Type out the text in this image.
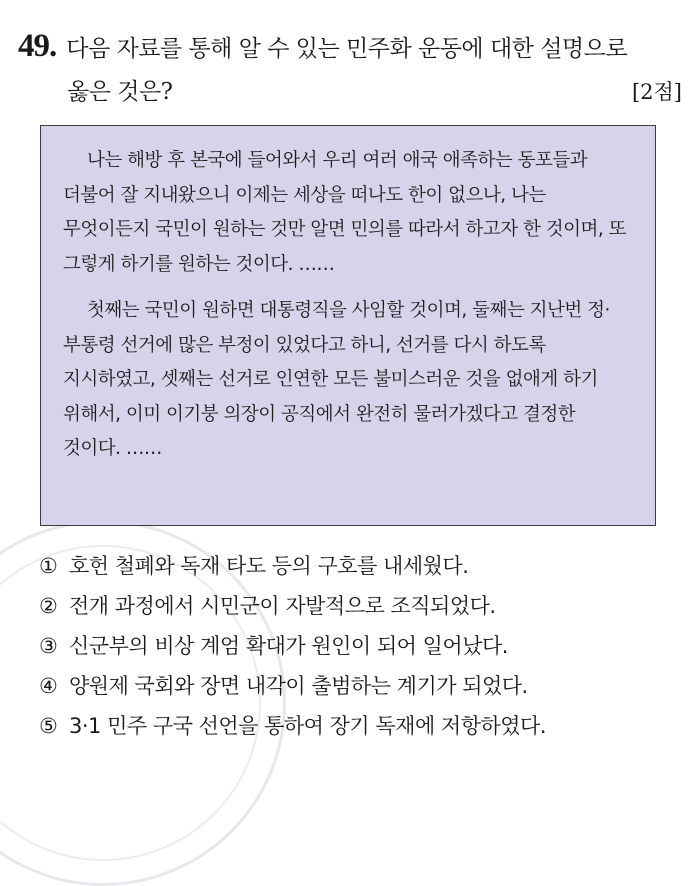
49. 다음 자료를 통해 알 수 있는 민주화 운동에 대한 설명으로
옳은 것은?	[2점]

나는 해방 후 본국에 들어와서 우리 여러 애국 애족하는 동포들과 더불어 잘 지내왔으니 이제는 세상을 떠나도 한이 없으나, 나는 무엇이든지 국민이 원하는 것만 알면 민의를 따라서 하고자 한 것이며, 또 그렇게 하기를 원하는 것이다. ……

첫째는 국민이 원하면 대통령직을 사임할 것이며, 둘째는 지난번 정·부통령 선거에 많은 부정이 있었다고 하니, 선거를 다시 하도록 지시하였고, 셋째는 선거로 인연한 모든 불미스러운 것을 없애게 하기 위해서, 이미 이기붕 의장이 공직에서 완전히 물러가겠다고 결정한 것이다. ……

① 호헌 철폐와 독재 타도 등의 구호를 내세웠다.
② 전개 과정에서 시민군이 자발적으로 조직되었다.
③ 신군부의 비상 계엄 확대가 원인이 되어 일어났다.
④ 양원제 국회와 장면 내각이 출범하는 계기가 되었다.
⑤ 3·1 민주 구국 선언을 통하여 장기 독재에 저항하였다.
